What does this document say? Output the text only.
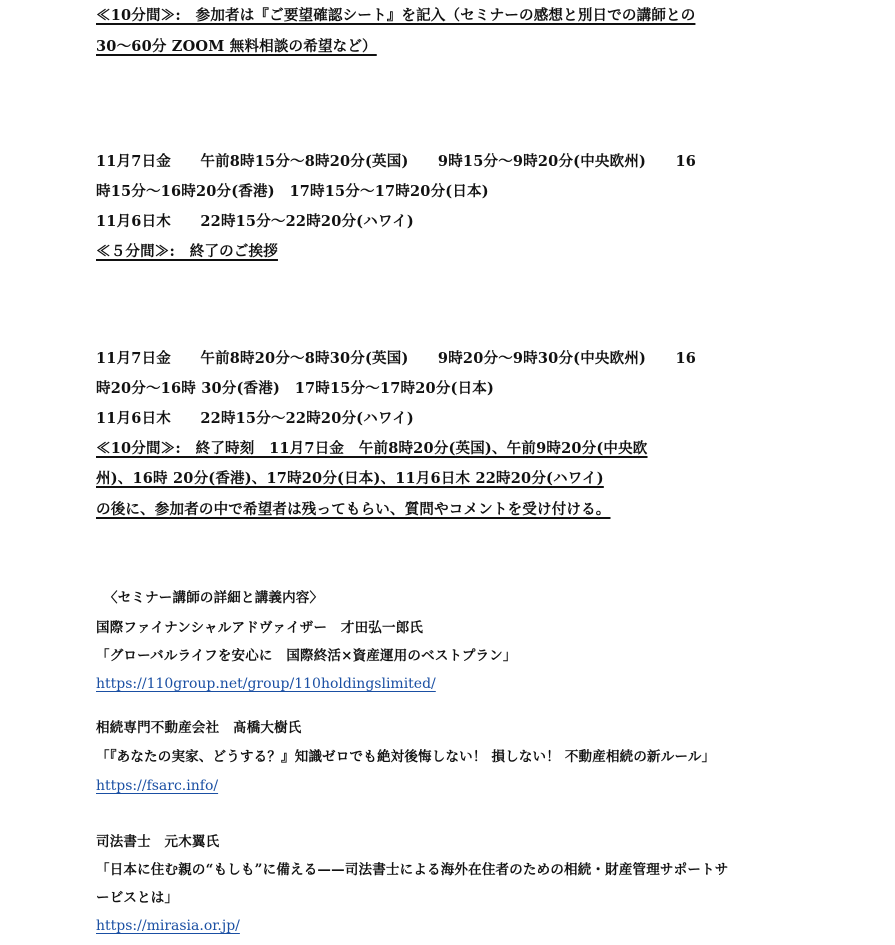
≪10分間≫:　参加者は『ご要望確認シート』を記入（セミナーの感想と別日での講師との
30〜60分 ZOOM 無料相談の希望など）
11月7日金　　午前8時15分〜8時20分(英国)　　9時15分〜9時20分(中央欧州)　　16
時15分〜16時20分(香港)　17時15分〜17時20分(日本)
11月6日木　　22時15分〜22時20分(ハワイ)
≪５分間≫:　終了のご挨拶
11月7日金　　午前8時20分〜8時30分(英国)　　9時20分〜9時30分(中央欧州)　　16
時20分〜16時 30分(香港)　17時15分〜17時20分(日本)
11月6日木　　22時15分〜22時20分(ハワイ)
≪10分間≫:　終了時刻　11月7日金　午前8時20分(英国)、午前9時20分(中央欧
州)、16時 20分(香港)、17時20分(日本)、11月6日木 22時20分(ハワイ)
の後に、参加者の中で希望者は残ってもらい、質問やコメントを受け付ける。
〈セミナー講師の詳細と講義内容〉
国際ファイナンシャルアドヴァイザー　才田弘一郎氏
「グローバルライフを安心に　国際終活×資産運用のベストプラン」
https://110group.net/group/110holdingslimited/
相続専門不動産会社　髙橋大樹氏
「『あなたの実家、どうする？』知識ゼロでも絶対後悔しない！ 損しない！ 不動産相続の新ルール」
https://fsarc.info/
司法書士　元木翼氏
「日本に住む親の“もしも”に備える——司法書士による海外在住者のための相続・財産管理サポートサ
ービスとは」
https://mirasia.or.jp/
